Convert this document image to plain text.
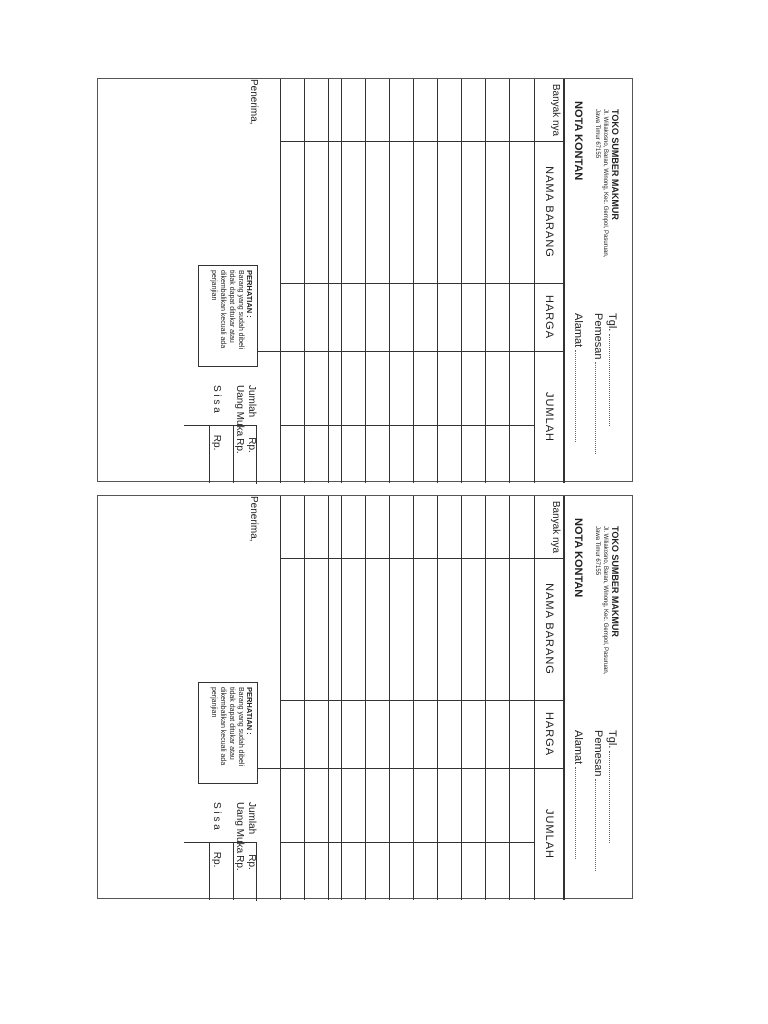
TOKO SUMBER MAKMUR
Jl. Wiliakosno, Baran, Winong, Kec. Gempol, Pasuruan, Jawa Timur 67155
NOTA KONTAN
Tgl.
Pemesan
Alamat
Banyak nya
NAMA BARANG
HARGA
JUMLAH
Penerima,
PERHATIAN :
Barang yang sudah dibeli tidak dapat ditukar atau dikembalikan kecuali ada perjanjian
JumlahRp.
Uang MukaRp.
S i s aRp.
TOKO SUMBER MAKMUR
Jl. Wiliakosno, Baran, Winong, Kec. Gempol, Pasuruan, Jawa Timur 67155
NOTA KONTAN
Tgl.
Pemesan
Alamat
Banyak nya
NAMA BARANG
HARGA
JUMLAH
Penerima,
PERHATIAN :
Barang yang sudah dibeli tidak dapat ditukar atau dikembalikan kecuali ada perjanjian
JumlahRp.
Uang MukaRp.
S i s aRp.
